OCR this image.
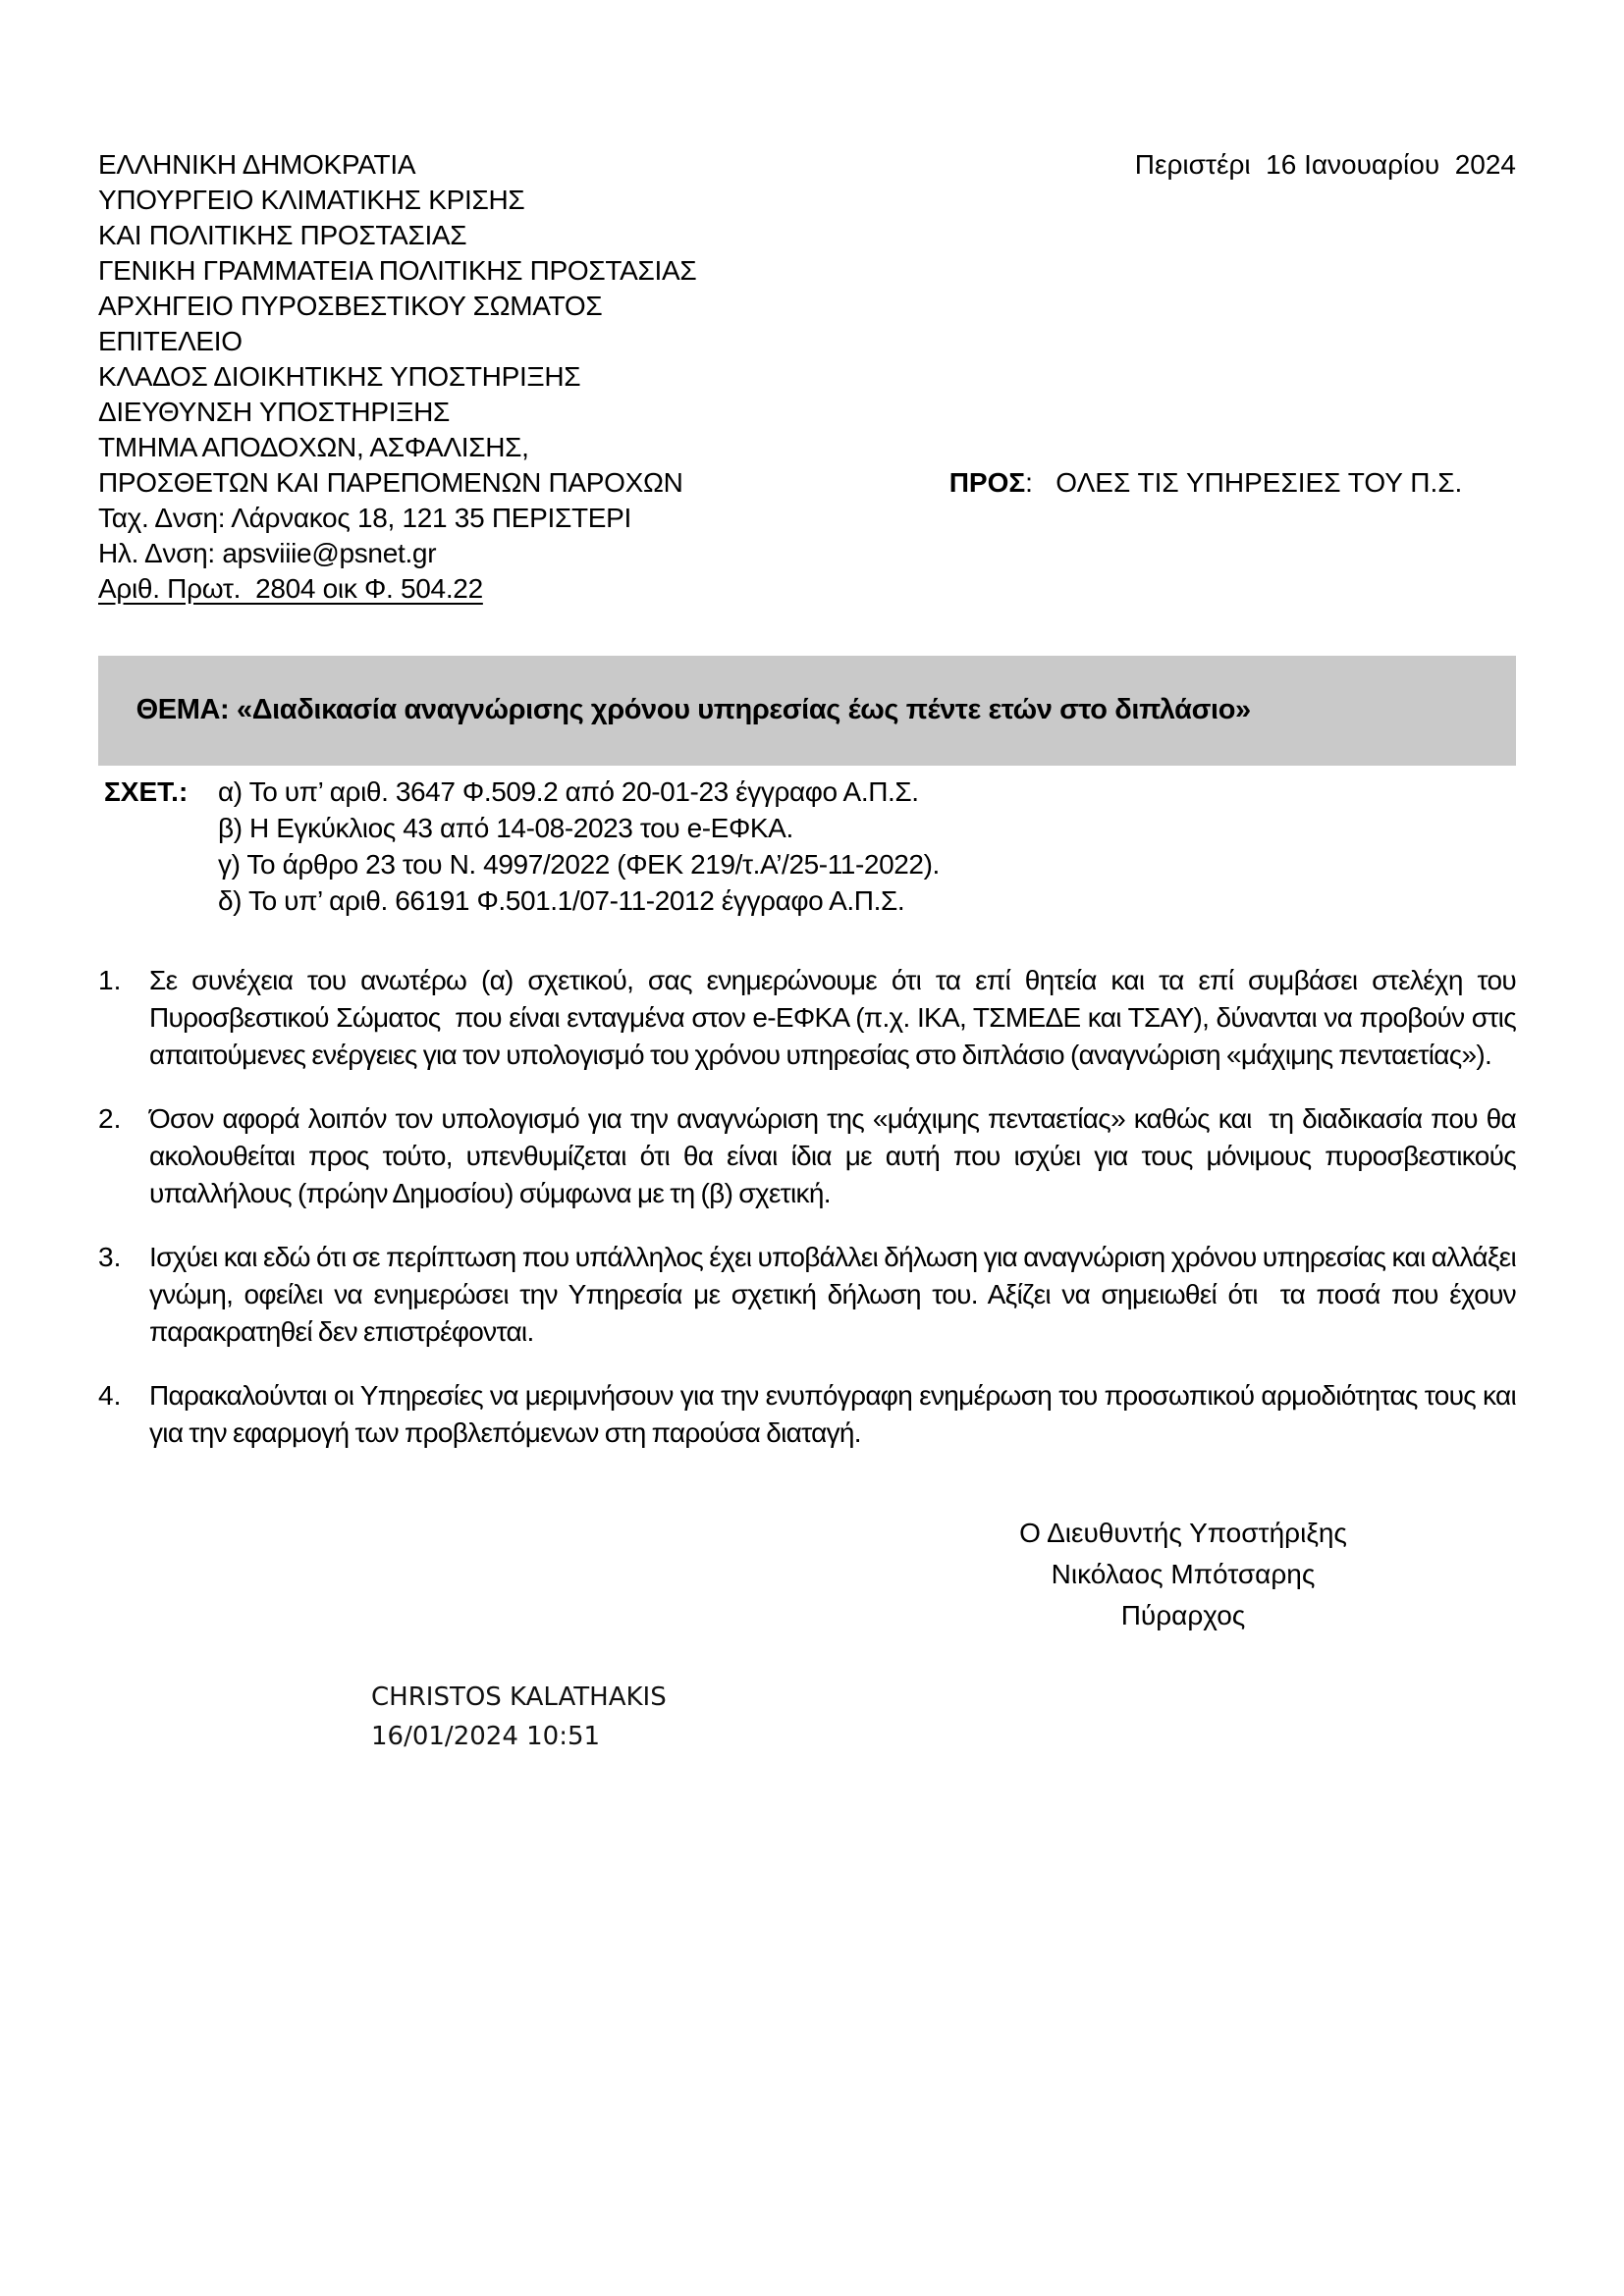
Περιστέρι  16 Ιανουαρίου  2024
ΕΛΛΗΝΙΚΗ ΔΗΜΟΚΡΑΤΙΑ
ΥΠΟΥΡΓΕΙΟ ΚΛΙΜΑΤΙΚΗΣ ΚΡΙΣΗΣ
ΚΑΙ ΠΟΛΙΤΙΚΗΣ ΠΡΟΣΤΑΣΙΑΣ
ΓΕΝΙΚΗ ΓΡΑΜΜΑΤΕΙΑ ΠΟΛΙΤΙΚΗΣ ΠΡΟΣΤΑΣΙΑΣ
ΑΡΧΗΓΕΙΟ ΠΥΡΟΣΒΕΣΤΙΚΟΥ ΣΩΜΑΤΟΣ
ΕΠΙΤΕΛΕΙΟ
ΚΛΑΔΟΣ ΔΙΟΙΚΗΤΙΚΗΣ ΥΠΟΣΤΗΡΙΞΗΣ
ΔΙΕΥΘΥΝΣΗ ΥΠΟΣΤΗΡΙΞΗΣ
ΤΜΗΜΑ ΑΠΟΔΟΧΩΝ, ΑΣΦΑΛΙΣΗΣ,
ΠΡΟΣΘΕΤΩΝ ΚΑΙ ΠΑΡΕΠΟΜΕΝΩΝ ΠΑΡΟΧΩΝ
Ταχ. Δνση: Λάρνακος 18, 121 35 ΠΕΡΙΣΤΕΡΙ
Ηλ. Δνση: apsviiie@psnet.gr
Αριθ. Πρωτ.  2804 οικ Φ. 504.22

ΠΡΟΣ:   ΟΛΕΣ ΤΙΣ ΥΠΗΡΕΣΙΕΣ ΤΟΥ Π.Σ.

ΘΕΜΑ: «Διαδικασία αναγνώρισης χρόνου υπηρεσίας έως πέντε ετών στο διπλάσιο»

ΣΧΕΤ.: α) Το υπ’ αριθ. 3647 Φ.509.2 από 20-01-23 έγγραφο Α.Π.Σ.
β) Η Εγκύκλιος 43 από 14-08-2023 του e-ΕΦΚΑ.
γ) Το άρθρο 23 του Ν. 4997/2022 (ΦΕΚ 219/τ.Α’/25-11-2022).
δ) Το υπ’ αριθ. 66191 Φ.501.1/07-11-2012 έγγραφο Α.Π.Σ.
1. Σε συνέχεια του ανωτέρω (α) σχετικού, σας ενημερώνουμε ότι τα επί θητεία και τα επί συμβάσει στελέχη του Πυροσβεστικού Σώματος  που είναι ενταγμένα στον e-ΕΦΚΑ (π.χ. ΙΚΑ, ΤΣΜΕΔΕ και ΤΣΑΥ), δύνανται να προβούν στις απαιτούμενες ενέργειες για τον υπολογισμό του χρόνου υπηρεσίας στο διπλάσιο (αναγνώριση «μάχιμης πενταετίας»).
2. Όσον αφορά λοιπόν τον υπολογισμό για την αναγνώριση της «μάχιμης πενταετίας» καθώς και  τη διαδικασία που θα ακολουθείται προς τούτο, υπενθυμίζεται ότι θα είναι ίδια με αυτή που ισχύει για τους μόνιμους πυροσβεστικούς υπαλλήλους (πρώην Δημοσίου) σύμφωνα με τη (β) σχετική.
3. Ισχύει και εδώ ότι σε περίπτωση που υπάλληλος έχει υποβάλλει δήλωση για αναγνώριση χρόνου υπηρεσίας και αλλάξει γνώμη, οφείλει να ενημερώσει την Υπηρεσία με σχετική δήλωση του. Αξίζει να σημειωθεί ότι  τα ποσά που έχουν παρακρατηθεί δεν επιστρέφονται.
4. Παρακαλούνται οι Υπηρεσίες να μεριμνήσουν για την ενυπόγραφη ενημέρωση του προσωπικού αρμοδιότητας τους και για την εφαρμογή των προβλεπόμενων στη παρούσα διαταγή.
Ο Διευθυντής Υποστήριξης
Νικόλαος Μπότσαρης
Πύραρχος
CHRISTOS KALATHAKIS
16/01/2024 10:51
